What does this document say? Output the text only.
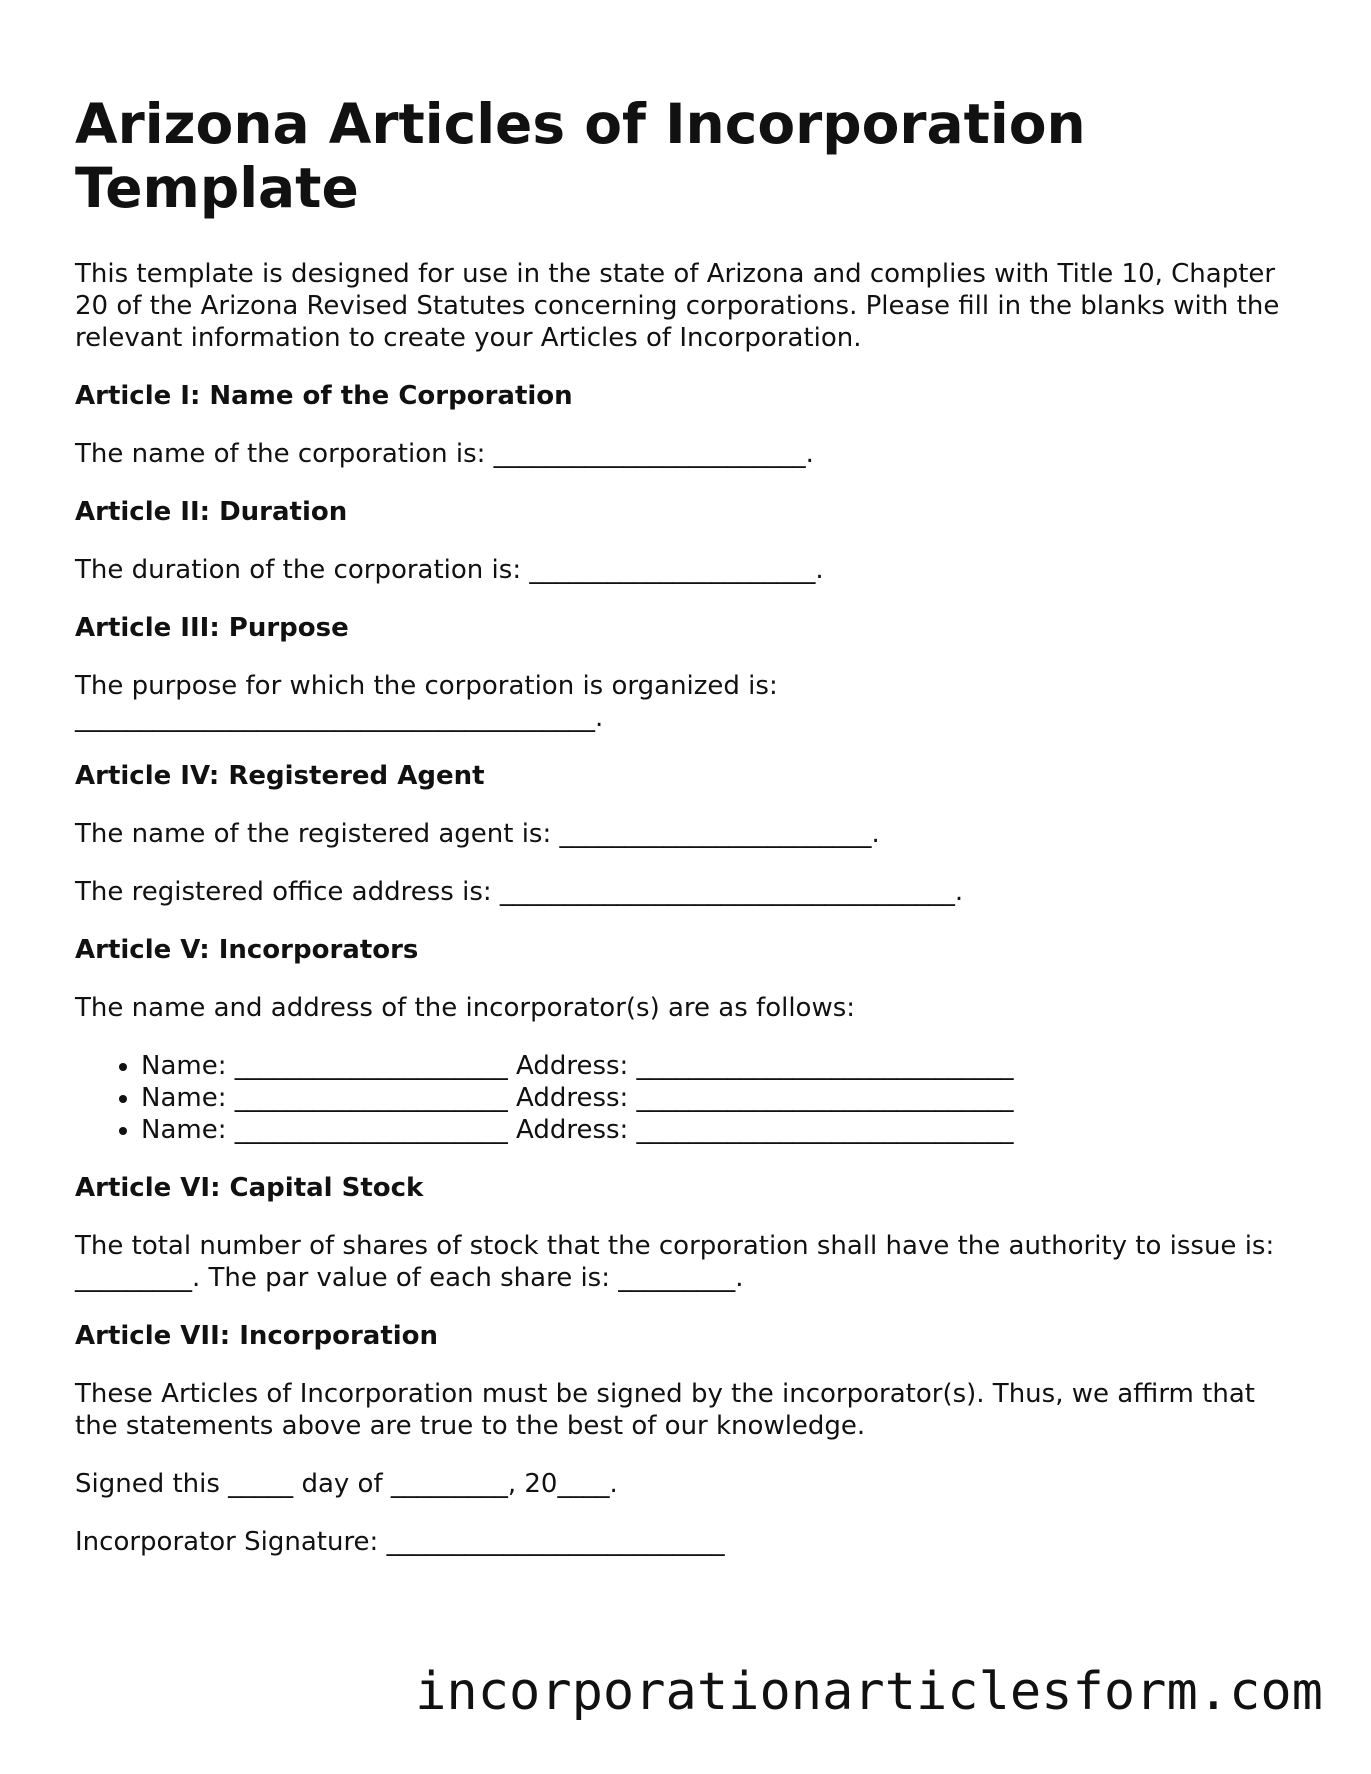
Arizona Articles of Incorporation Template

This template is designed for use in the state of Arizona and complies with Title 10, Chapter 20 of the Arizona Revised Statutes concerning corporations. Please fill in the blanks with the relevant information to create your Articles of Incorporation.

Article I: Name of the Corporation

The name of the corporation is: ________________________.

Article II: Duration

The duration of the corporation is: ______________________.

Article III: Purpose

The purpose for which the corporation is organized is: ________________________________________.

Article IV: Registered Agent

The name of the registered agent is: ________________________.

The registered office address is: ___________________________________.

Article V: Incorporators

The name and address of the incorporator(s) are as follows:

• Name: _____________________ Address: _____________________________
• Name: _____________________ Address: _____________________________
• Name: _____________________ Address: _____________________________
Article VI: Capital Stock

The total number of shares of stock that the corporation shall have the authority to issue is: _________. The par value of each share is: _________.

Article VII: Incorporation

These Articles of Incorporation must be signed by the incorporator(s). Thus, we affirm that the statements above are true to the best of our knowledge.

Signed this _____ day of _________, 20____.

Incorporator Signature: __________________________

incorporationarticlesform.com
